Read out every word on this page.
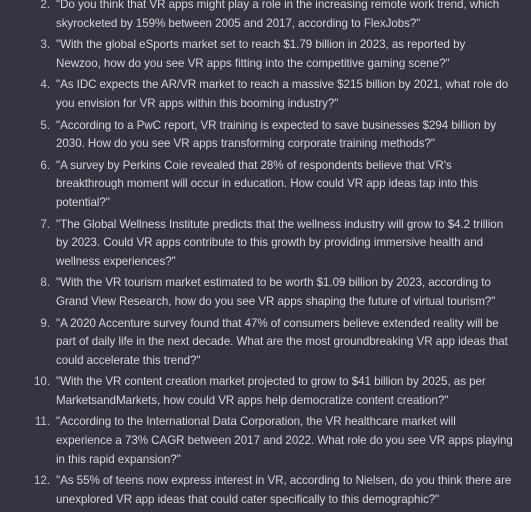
2. "Do you think that VR apps might play a role in the increasing remote work trend, which skyrocketed by 159% between 2005 and 2017, according to FlexJobs?"
3. "With the global eSports market set to reach $1.79 billion in 2023, as reported by Newzoo, how do you see VR apps fitting into the competitive gaming scene?"
4. "As IDC expects the AR/VR market to reach a massive $215 billion by 2021, what role do you envision for VR apps within this booming industry?"
5. "According to a PwC report, VR training is expected to save businesses $294 billion by 2030. How do you see VR apps transforming corporate training methods?"
6. "A survey by Perkins Coie revealed that 28% of respondents believe that VR's breakthrough moment will occur in education. How could VR app ideas tap into this potential?"
7. "The Global Wellness Institute predicts that the wellness industry will grow to $4.2 trillion by 2023. Could VR apps contribute to this growth by providing immersive health and wellness experiences?"
8. "With the VR tourism market estimated to be worth $1.09 billion by 2023, according to Grand View Research, how do you see VR apps shaping the future of virtual tourism?"
9. "A 2020 Accenture survey found that 47% of consumers believe extended reality will be part of daily life in the next decade. What are the most groundbreaking VR app ideas that could accelerate this trend?"
10. "With the VR content creation market projected to grow to $41 billion by 2025, as per MarketsandMarkets, how could VR apps help democratize content creation?"
11. "According to the International Data Corporation, the VR healthcare market will experience a 73% CAGR between 2017 and 2022. What role do you see VR apps playing in this rapid expansion?"
12. "As 55% of teens now express interest in VR, according to Nielsen, do you think there are unexplored VR app ideas that could cater specifically to this demographic?"
